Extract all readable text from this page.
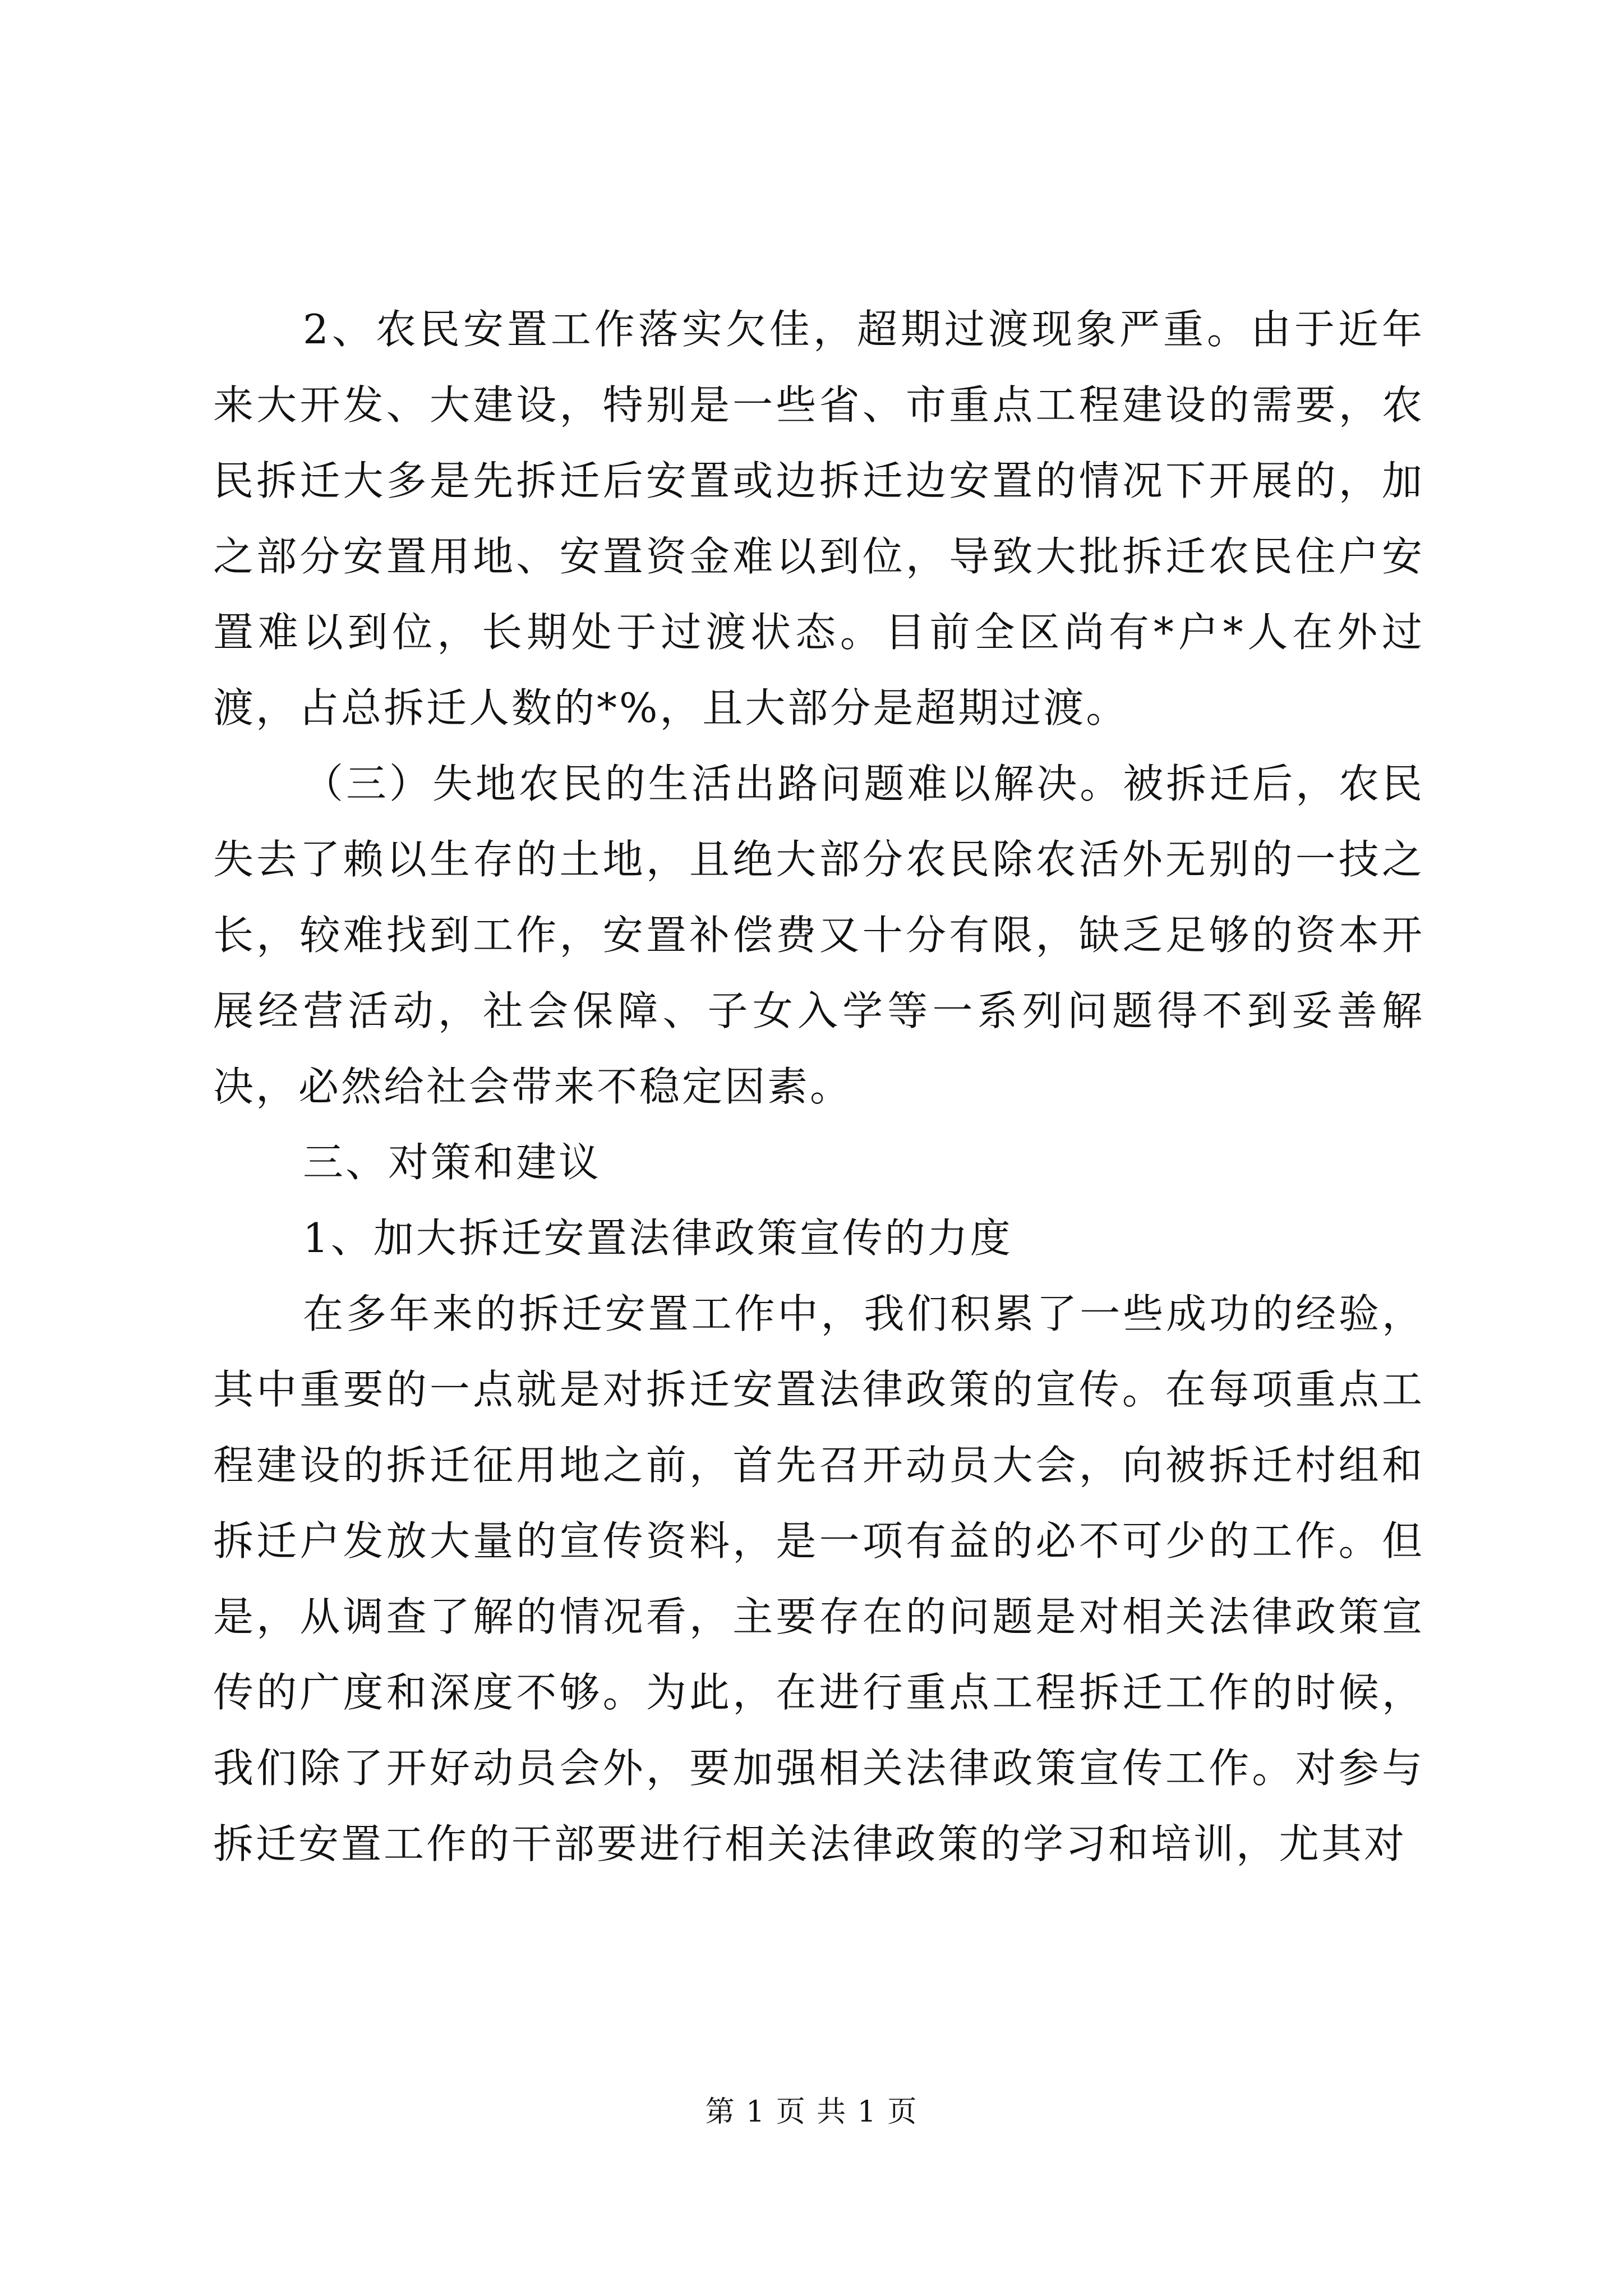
2、农民安置工作落实欠佳，超期过渡现象严重。由于近年来大开发、大建设，特别是一些省、市重点工程建设的需要，农民拆迁大多是先拆迁后安置或边拆迁边安置的情况下开展的，加之部分安置用地、安置资金难以到位，导致大批拆迁农民住户安置难以到位，长期处于过渡状态。目前全区尚有*户*人在外过渡，占总拆迁人数的*%，且大部分是超期过渡。

（三）失地农民的生活出路问题难以解决。被拆迁后，农民失去了赖以生存的土地，且绝大部分农民除农活外无别的一技之长，较难找到工作，安置补偿费又十分有限，缺乏足够的资本开展经营活动，社会保障、子女入学等一系列问题得不到妥善解决，必然给社会带来不稳定因素。

三、对策和建议

1、加大拆迁安置法律政策宣传的力度

在多年来的拆迁安置工作中，我们积累了一些成功的经验，其中重要的一点就是对拆迁安置法律政策的宣传。在每项重点工程建设的拆迁征用地之前，首先召开动员大会，向被拆迁村组和拆迁户发放大量的宣传资料，是一项有益的必不可少的工作。但是，从调查了解的情况看，主要存在的问题是对相关法律政策宣传的广度和深度不够。为此，在进行重点工程拆迁工作的时候，我们除了开好动员会外，要加强相关法律政策宣传工作。对参与拆迁安置工作的干部要进行相关法律政策的学习和培训，尤其对

第 1 页 共 1 页
